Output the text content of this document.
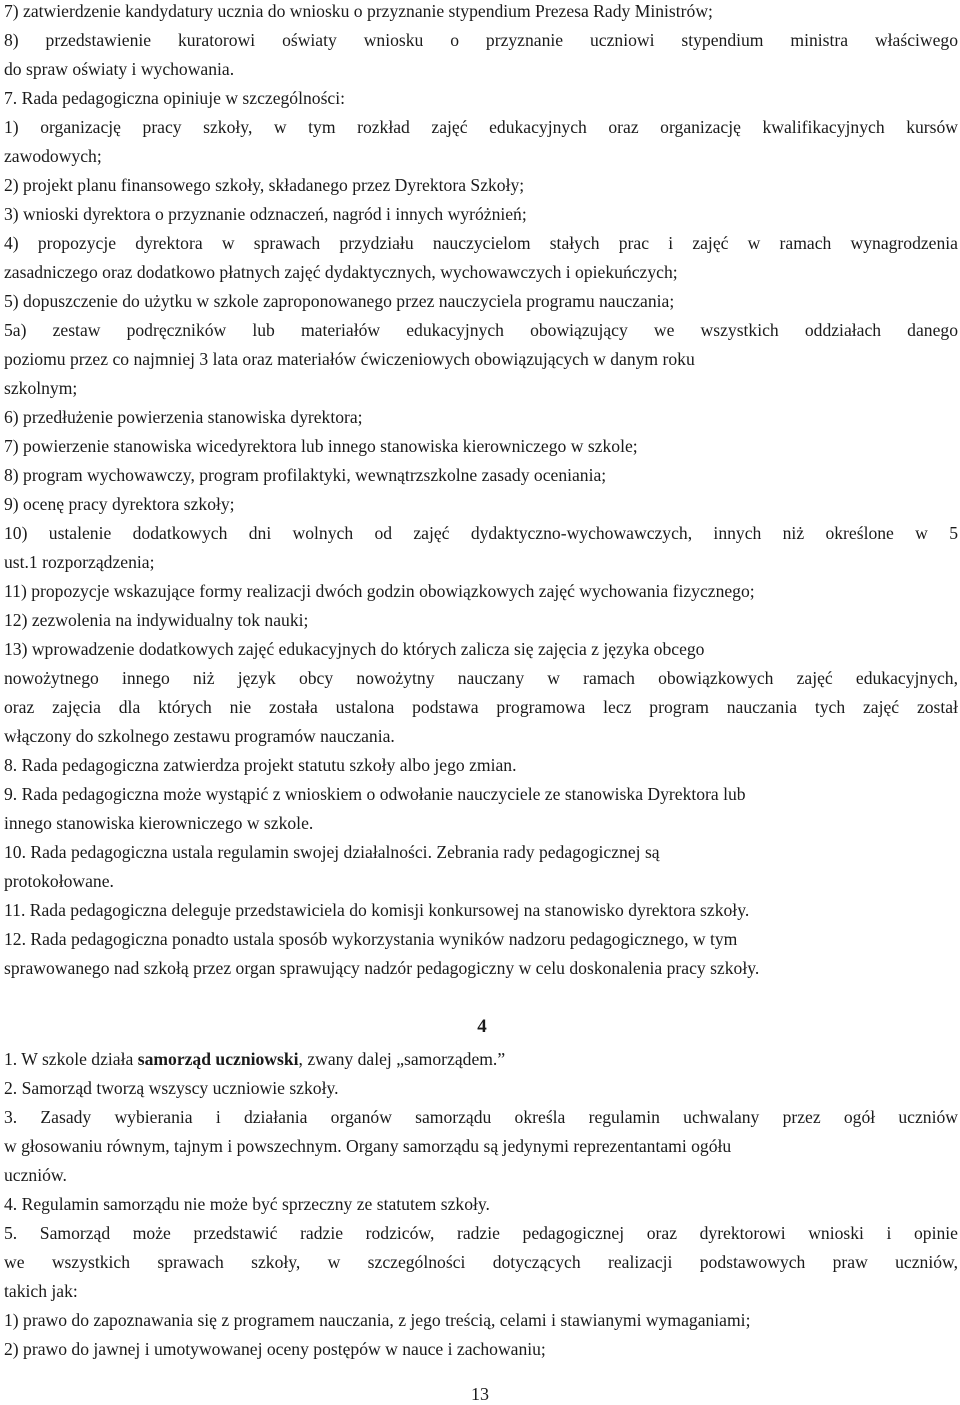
7) zatwierdzenie kandydatury ucznia do wniosku o przyznanie stypendium Prezesa Rady Ministrów;
8) przedstawienie kuratorowi oświaty wniosku o przyznanie uczniowi stypendium ministra właściwego
do spraw oświaty i wychowania.
7. Rada pedagogiczna opiniuje w szczególności:
1) organizację pracy szkoły, w tym rozkład zajęć edukacyjnych oraz organizację kwalifikacyjnych kursów
zawodowych;
2) projekt planu finansowego szkoły, składanego przez Dyrektora Szkoły;
3) wnioski dyrektora o przyznanie odznaczeń, nagród i innych wyróżnień;
4) propozycje dyrektora w sprawach przydziału nauczycielom stałych prac i zajęć w ramach wynagrodzenia
zasadniczego oraz dodatkowo płatnych zajęć dydaktycznych, wychowawczych i opiekuńczych;
5) dopuszczenie do użytku w szkole zaproponowanego przez nauczyciela programu nauczania;
5a) zestaw podręczników lub materiałów edukacyjnych obowiązujący we wszystkich oddziałach danego
poziomu przez co najmniej 3 lata oraz materiałów ćwiczeniowych obowiązujących w danym roku
szkolnym;
6) przedłużenie powierzenia stanowiska dyrektora;
7) powierzenie stanowiska wicedyrektora lub innego stanowiska kierowniczego w szkole;
8) program wychowawczy, program profilaktyki, wewnątrzszkolne zasady oceniania;
9) ocenę pracy dyrektora szkoły;
10) ustalenie dodatkowych dni wolnych od zajęć dydaktyczno-wychowawczych, innych niż określone w 5
ust.1 rozporządzenia;
11) propozycje wskazujące formy realizacji dwóch godzin obowiązkowych zajęć wychowania fizycznego;
12) zezwolenia na indywidualny tok nauki;
13) wprowadzenie dodatkowych zajęć edukacyjnych do których zalicza się zajęcia z języka obcego
nowożytnego innego niż język obcy nowożytny nauczany w ramach obowiązkowych zajęć edukacyjnych,
oraz zajęcia dla których nie została ustalona podstawa programowa lecz program nauczania tych zajęć został
włączony do szkolnego zestawu programów nauczania.
8. Rada pedagogiczna zatwierdza projekt statutu szkoły albo jego zmian.
9. Rada pedagogiczna może wystąpić z wnioskiem o odwołanie nauczyciele ze stanowiska Dyrektora lub
innego stanowiska kierowniczego w szkole.
10. Rada pedagogiczna ustala regulamin swojej działalności. Zebrania rady pedagogicznej są
protokołowane.
11. Rada pedagogiczna deleguje przedstawiciela do komisji konkursowej na stanowisko dyrektora szkoły.
12. Rada pedagogiczna ponadto ustala sposób wykorzystania wyników nadzoru pedagogicznego, w tym
sprawowanego nad szkołą przez organ sprawujący nadzór pedagogiczny w celu doskonalenia pracy szkoły.
4
1. W szkole działa samorząd uczniowski, zwany dalej „samorządem.”
2. Samorząd tworzą wszyscy uczniowie szkoły.
3. Zasady wybierania i działania organów samorządu określa regulamin uchwalany przez ogół uczniów
w głosowaniu równym, tajnym i powszechnym. Organy samorządu są jedynymi reprezentantami ogółu
uczniów.
4. Regulamin samorządu nie może być sprzeczny ze statutem szkoły.
5. Samorząd może przedstawić radzie rodziców, radzie pedagogicznej oraz dyrektorowi wnioski i opinie
we wszystkich sprawach szkoły, w szczególności dotyczących realizacji podstawowych praw uczniów,
takich jak:
1) prawo do zapoznawania się z programem nauczania, z jego treścią, celami i stawianymi wymaganiami;
2) prawo do jawnej i umotywowanej oceny postępów w nauce i zachowaniu;
13
